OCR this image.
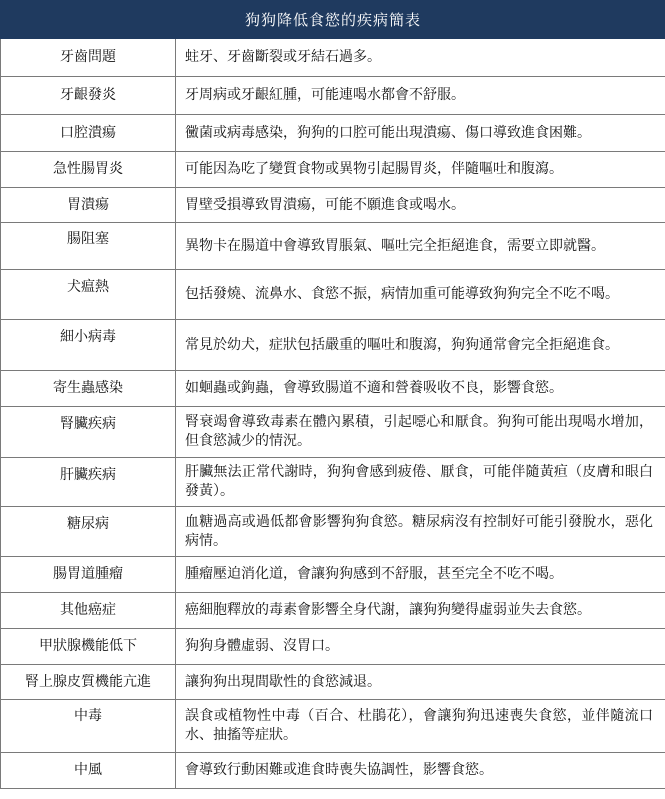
狗狗降低食慾的疾病簡表	
牙齒問題	蛀牙、牙齒斷裂或牙結石過多。
牙齦發炎	牙周病或牙齦紅腫，可能連喝水都會不舒服。
口腔潰瘍	黴菌或病毒感染，狗狗的口腔可能出現潰瘍、傷口導致進食困難。
急性腸胃炎	可能因為吃了變質食物或異物引起腸胃炎，伴隨嘔吐和腹瀉。
胃潰瘍	胃壁受損導致胃潰瘍，可能不願進食或喝水。
腸阻塞	異物卡在腸道中會導致胃脹氣、嘔吐完全拒絕進食，需要立即就醫。
犬瘟熱	包括發燒、流鼻水、食慾不振，病情加重可能導致狗狗完全不吃不喝。
細小病毒	常見於幼犬，症狀包括嚴重的嘔吐和腹瀉，狗狗通常會完全拒絕進食。
寄生蟲感染	如蛔蟲或鉤蟲，會導致腸道不適和營養吸收不良，影響食慾。
腎臟疾病	腎衰竭會導致毒素在體內累積，引起噁心和厭食。狗狗可能出現喝水增加，但食慾減少的情況。
肝臟疾病	肝臟無法正常代謝時，狗狗會感到疲倦、厭食，可能伴隨黃疸（皮膚和眼白發黃）。
糖尿病	血糖過高或過低都會影響狗狗食慾。糖尿病沒有控制好可能引發脫水，惡化病情。
腸胃道腫瘤	腫瘤壓迫消化道，會讓狗狗感到不舒服，甚至完全不吃不喝。
其他癌症	癌細胞釋放的毒素會影響全身代謝，讓狗狗變得虛弱並失去食慾。
甲狀腺機能低下	狗狗身體虛弱、沒胃口。
腎上腺皮質機能亢進	讓狗狗出現間歇性的食慾減退。
中毒	誤食或植物性中毒（百合、杜鵑花），會讓狗狗迅速喪失食慾，並伴隨流口水、抽搐等症狀。
中風	會導致行動困難或進食時喪失協調性，影響食慾。
